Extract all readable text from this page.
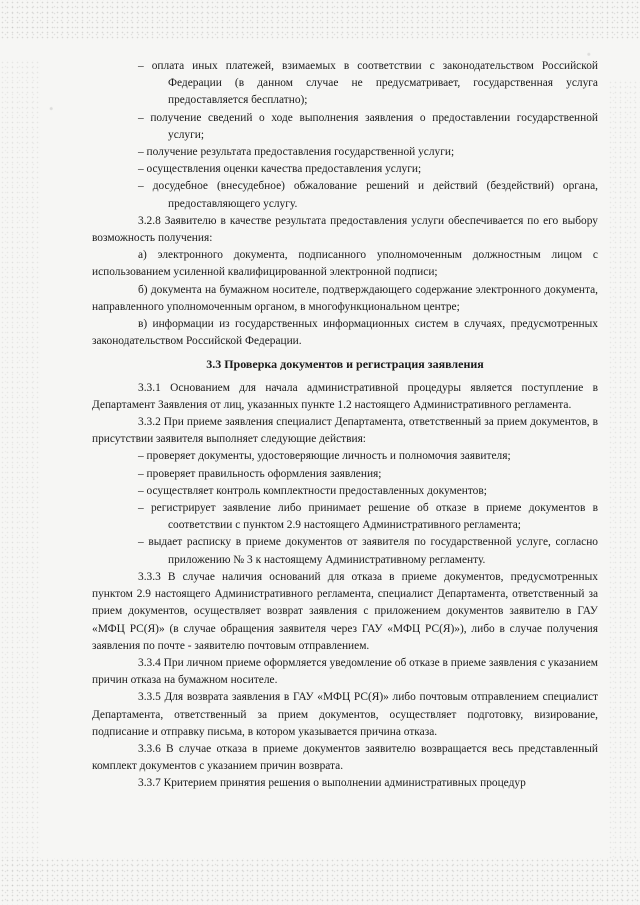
– оплата иных платежей, взимаемых в соответствии с законодательством Российской Федерации (в данном случае не предусматривает, государственная услуга предоставляется бесплатно);

– получение сведений о ходе выполнения заявления о предоставлении государственной услуги;

– получение результата предоставления государственной услуги;

– осуществления оценки качества предоставления услуги;

– досудебное (внесудебное) обжалование решений и действий (бездействий) органа, предоставляющего услугу.

3.2.8 Заявителю в качестве результата предоставления услуги обеспечивается по его выбору возможность получения:

а) электронного документа, подписанного уполномоченным должностным лицом с использованием усиленной квалифицированной электронной подписи;

б) документа на бумажном носителе, подтверждающего содержание электронного документа, направленного уполномоченным органом, в многофункциональном центре;

в) информации из государственных информационных систем в случаях, предусмотренных законодательством Российской Федерации.

3.3 Проверка документов и регистрация заявления

3.3.1 Основанием для начала административной процедуры является поступление в Департамент Заявления от лиц, указанных пункте 1.2 настоящего Административного регламента.

3.3.2 При приеме заявления специалист Департамента, ответственный за прием документов, в присутствии заявителя выполняет следующие действия:

– проверяет документы, удостоверяющие личность и полномочия заявителя;

– проверяет правильность оформления заявления;

– осуществляет контроль комплектности предоставленных документов;

– регистрирует заявление либо принимает решение об отказе в приеме документов в соответствии с пунктом 2.9 настоящего Административного регламента;

– выдает расписку в приеме документов от заявителя по государственной услуге, согласно приложению № 3 к настоящему Административному регламенту.

3.3.3 В случае наличия оснований для отказа в приеме документов, предусмотренных пунктом 2.9 настоящего Административного регламента, специалист Департамента, ответственный за прием документов, осуществляет возврат заявления с приложением документов заявителю в ГАУ «МФЦ РС(Я)» (в случае обращения заявителя через ГАУ «МФЦ РС(Я)»), либо в случае получения заявления по почте - заявителю почтовым отправлением.

3.3.4 При личном приеме оформляется уведомление об отказе в приеме заявления с указанием причин отказа на бумажном носителе.

3.3.5 Для возврата заявления в ГАУ «МФЦ РС(Я)» либо почтовым отправлением специалист Департамента, ответственный за прием документов, осуществляет подготовку, визирование, подписание и отправку письма, в котором указывается причина отказа.

3.3.6 В случае отказа в приеме документов заявителю возвращается весь представленный комплект документов с указанием причин возврата.

3.3.7 Критерием принятия решения о выполнении административных процедур
